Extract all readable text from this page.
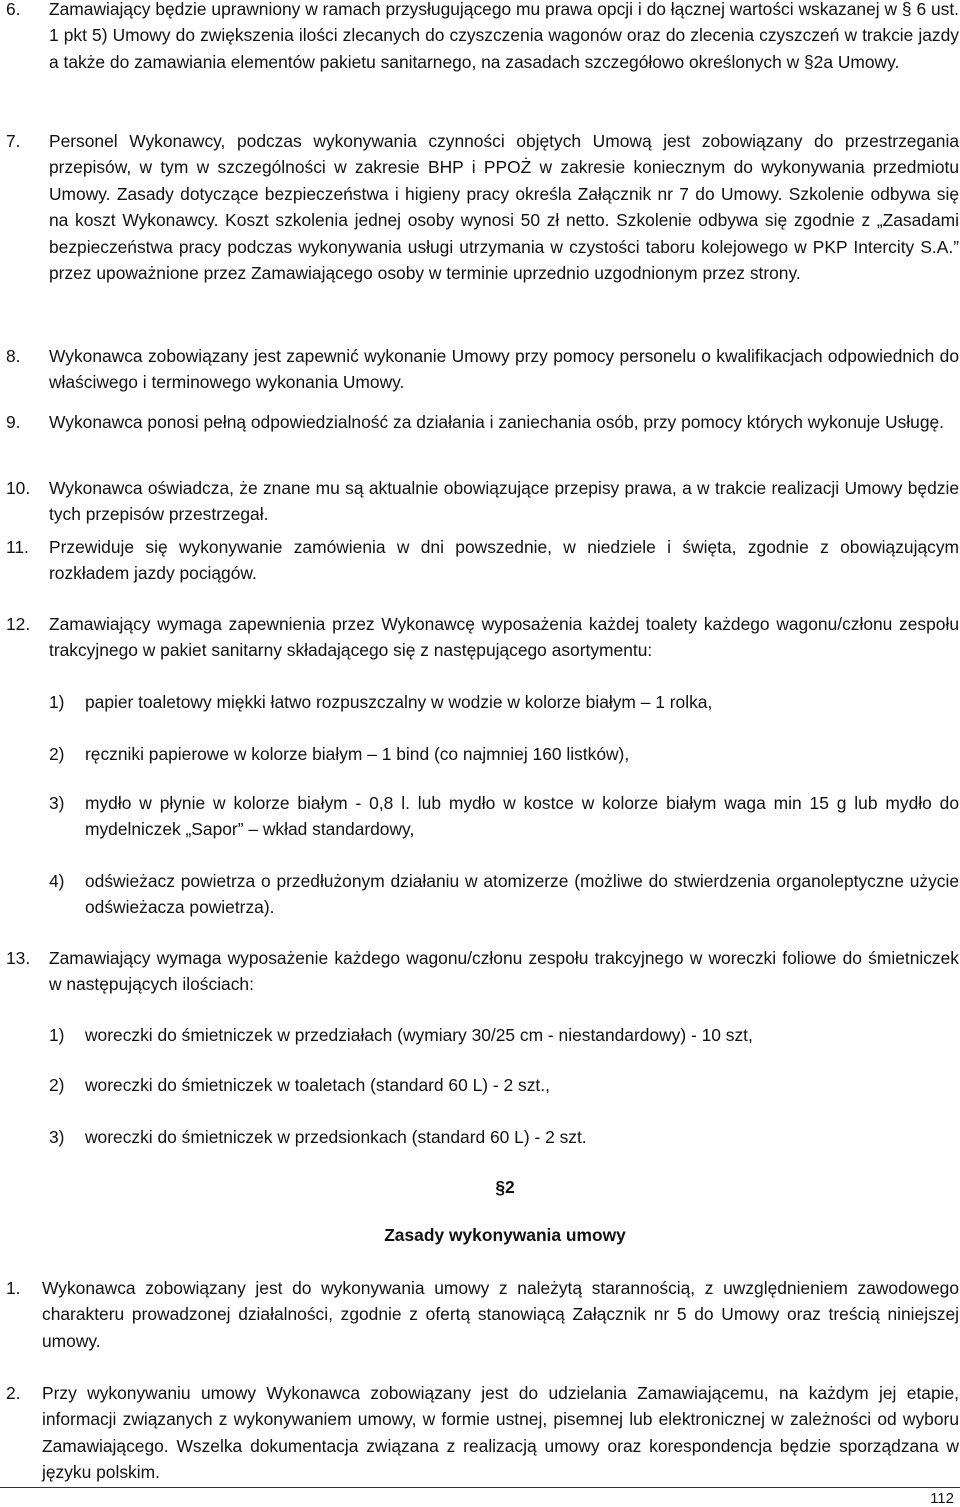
6. Zamawiający będzie uprawniony w ramach przysługującego mu prawa opcji i do łącznej wartości wskazanej w § 6 ust. 1 pkt 5) Umowy do zwiększenia ilości zlecanych do czyszczenia wagonów oraz do zlecenia czyszczeń w trakcie jazdy a także do zamawiania elementów pakietu sanitarnego, na zasadach szczegółowo określonych w §2a Umowy.
7. Personel Wykonawcy, podczas wykonywania czynności objętych Umową jest zobowiązany do przestrzegania przepisów, w tym w szczególności w zakresie BHP i PPOŻ w zakresie koniecznym do wykonywania przedmiotu Umowy. Zasady dotyczące bezpieczeństwa i higieny pracy określa Załącznik nr 7 do Umowy. Szkolenie odbywa się na koszt Wykonawcy. Koszt szkolenia jednej osoby wynosi 50 zł netto. Szkolenie odbywa się zgodnie z „Zasadami bezpieczeństwa pracy podczas wykonywania usługi utrzymania w czystości taboru kolejowego w PKP Intercity S.A.” przez upoważnione przez Zamawiającego osoby w terminie uprzednio uzgodnionym przez strony.
8. Wykonawca zobowiązany jest zapewnić wykonanie Umowy przy pomocy personelu o kwalifikacjach odpowiednich do właściwego i terminowego wykonania Umowy.
9. Wykonawca ponosi pełną odpowiedzialność za działania i zaniechania osób, przy pomocy których wykonuje Usługę.
10. Wykonawca oświadcza, że znane mu są aktualnie obowiązujące przepisy prawa, a w trakcie realizacji Umowy będzie tych przepisów przestrzegał.
11. Przewiduje się wykonywanie zamówienia w dni powszednie, w niedziele i święta, zgodnie z obowiązującym rozkładem jazdy pociągów.
12. Zamawiający wymaga zapewnienia przez Wykonawcę wyposażenia każdej toalety każdego wagonu/członu zespołu trakcyjnego w pakiet sanitarny składającego się z następującego asortymentu:
1) papier toaletowy miękki łatwo rozpuszczalny w wodzie w kolorze białym – 1 rolka,
2) ręczniki papierowe w kolorze białym – 1 bind (co najmniej 160 listków),
3) mydło w płynie w kolorze białym - 0,8 l. lub mydło w kostce w kolorze białym waga min 15 g lub mydło do mydelniczek „Sapor” – wkład standardowy,
4) odświeżacz powietrza o przedłużonym działaniu w atomizerze (możliwe do stwierdzenia organoleptyczne użycie odświeżacza powietrza).
13. Zamawiający wymaga wyposażenie każdego wagonu/członu zespołu trakcyjnego w woreczki foliowe do śmietniczek w następujących ilościach:
1) woreczki do śmietniczek w przedziałach (wymiary 30/25 cm - niestandardowy) - 10 szt,
2) woreczki do śmietniczek w toaletach (standard 60 L) - 2 szt.,
3) woreczki do śmietniczek w przedsionkach (standard 60 L) - 2 szt.
§2
Zasady wykonywania umowy
1. Wykonawca zobowiązany jest do wykonywania umowy z należytą starannością, z uwzględnieniem zawodowego charakteru prowadzonej działalności, zgodnie z ofertą stanowiącą Załącznik nr 5 do Umowy oraz treścią niniejszej umowy.
2. Przy wykonywaniu umowy Wykonawca zobowiązany jest do udzielania Zamawiającemu, na każdym jej etapie, informacji związanych z wykonywaniem umowy, w formie ustnej, pisemnej lub elektronicznej w zależności od wyboru Zamawiającego. Wszelka dokumentacja związana z realizacją umowy oraz korespondencja będzie sporządzana w języku polskim.
112
